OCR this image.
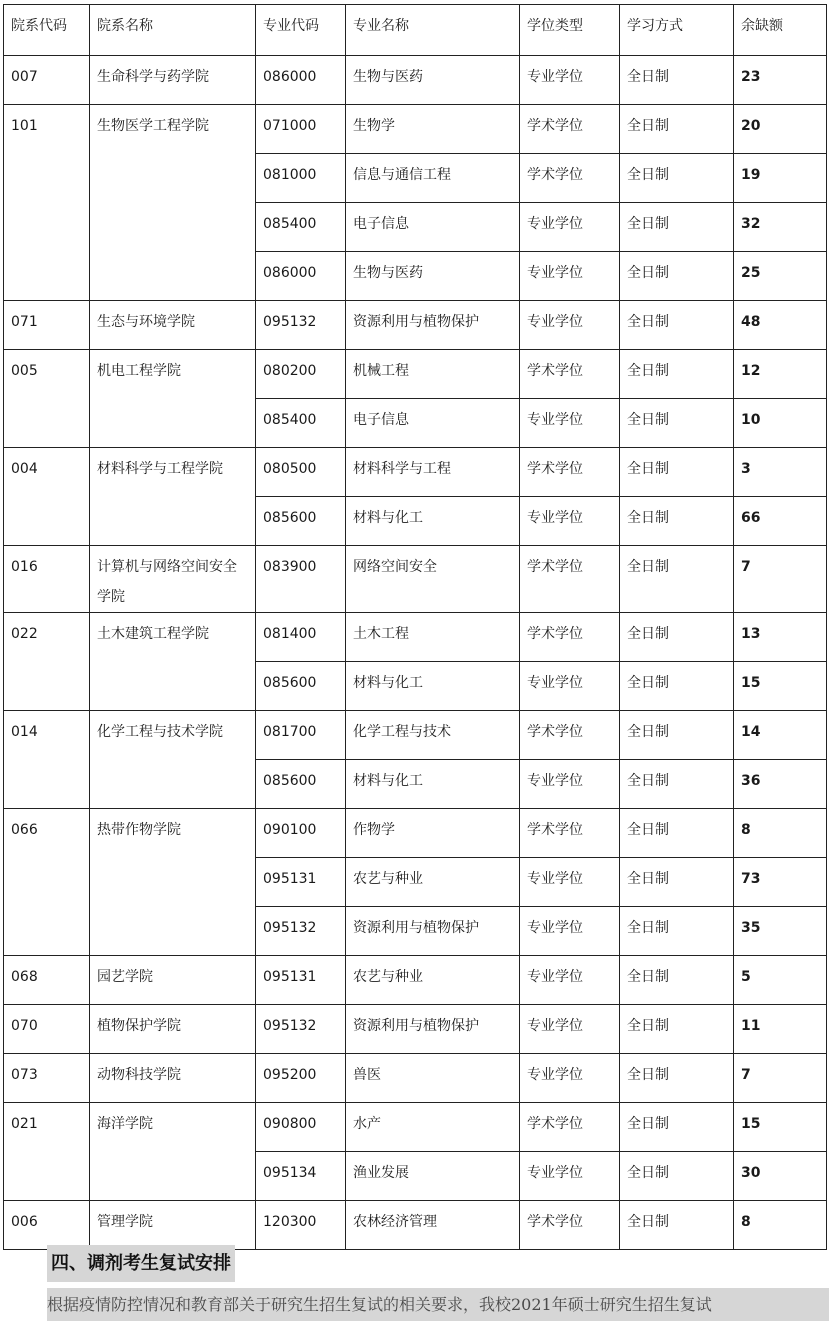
院系代码	院系名称	专业代码	专业名称	学位类型	学习方式	余缺额
007	生命科学与药学院	086000	生物与医药	专业学位	全日制	23
101	生物医学工程学院	071000	生物学	学术学位	全日制	20
		081000	信息与通信工程	学术学位	全日制	19
		085400	电子信息	专业学位	全日制	32
		086000	生物与医药	专业学位	全日制	25
071	生态与环境学院	095132	资源利用与植物保护	专业学位	全日制	48
005	机电工程学院	080200	机械工程	学术学位	全日制	12
		085400	电子信息	专业学位	全日制	10
004	材料科学与工程学院	080500	材料科学与工程	学术学位	全日制	3
		085600	材料与化工	专业学位	全日制	66
016	计算机与网络空间安全学院	083900	网络空间安全	学术学位	全日制	7
022	土木建筑工程学院	081400	土木工程	学术学位	全日制	13
		085600	材料与化工	专业学位	全日制	15
014	化学工程与技术学院	081700	化学工程与技术	学术学位	全日制	14
		085600	材料与化工	专业学位	全日制	36
066	热带作物学院	090100	作物学	学术学位	全日制	8
		095131	农艺与种业	专业学位	全日制	73
		095132	资源利用与植物保护	专业学位	全日制	35
068	园艺学院	095131	农艺与种业	专业学位	全日制	5
070	植物保护学院	095132	资源利用与植物保护	专业学位	全日制	11
073	动物科技学院	095200	兽医	专业学位	全日制	7
021	海洋学院	090800	水产	学术学位	全日制	15
		095134	渔业发展	专业学位	全日制	30
006	管理学院	120300	农林经济管理	学术学位	全日制	8
四、调剂考生复试安排
根据疫情防控情况和教育部关于研究生招生复试的相关要求，我校2021年硕士研究生招生复试
